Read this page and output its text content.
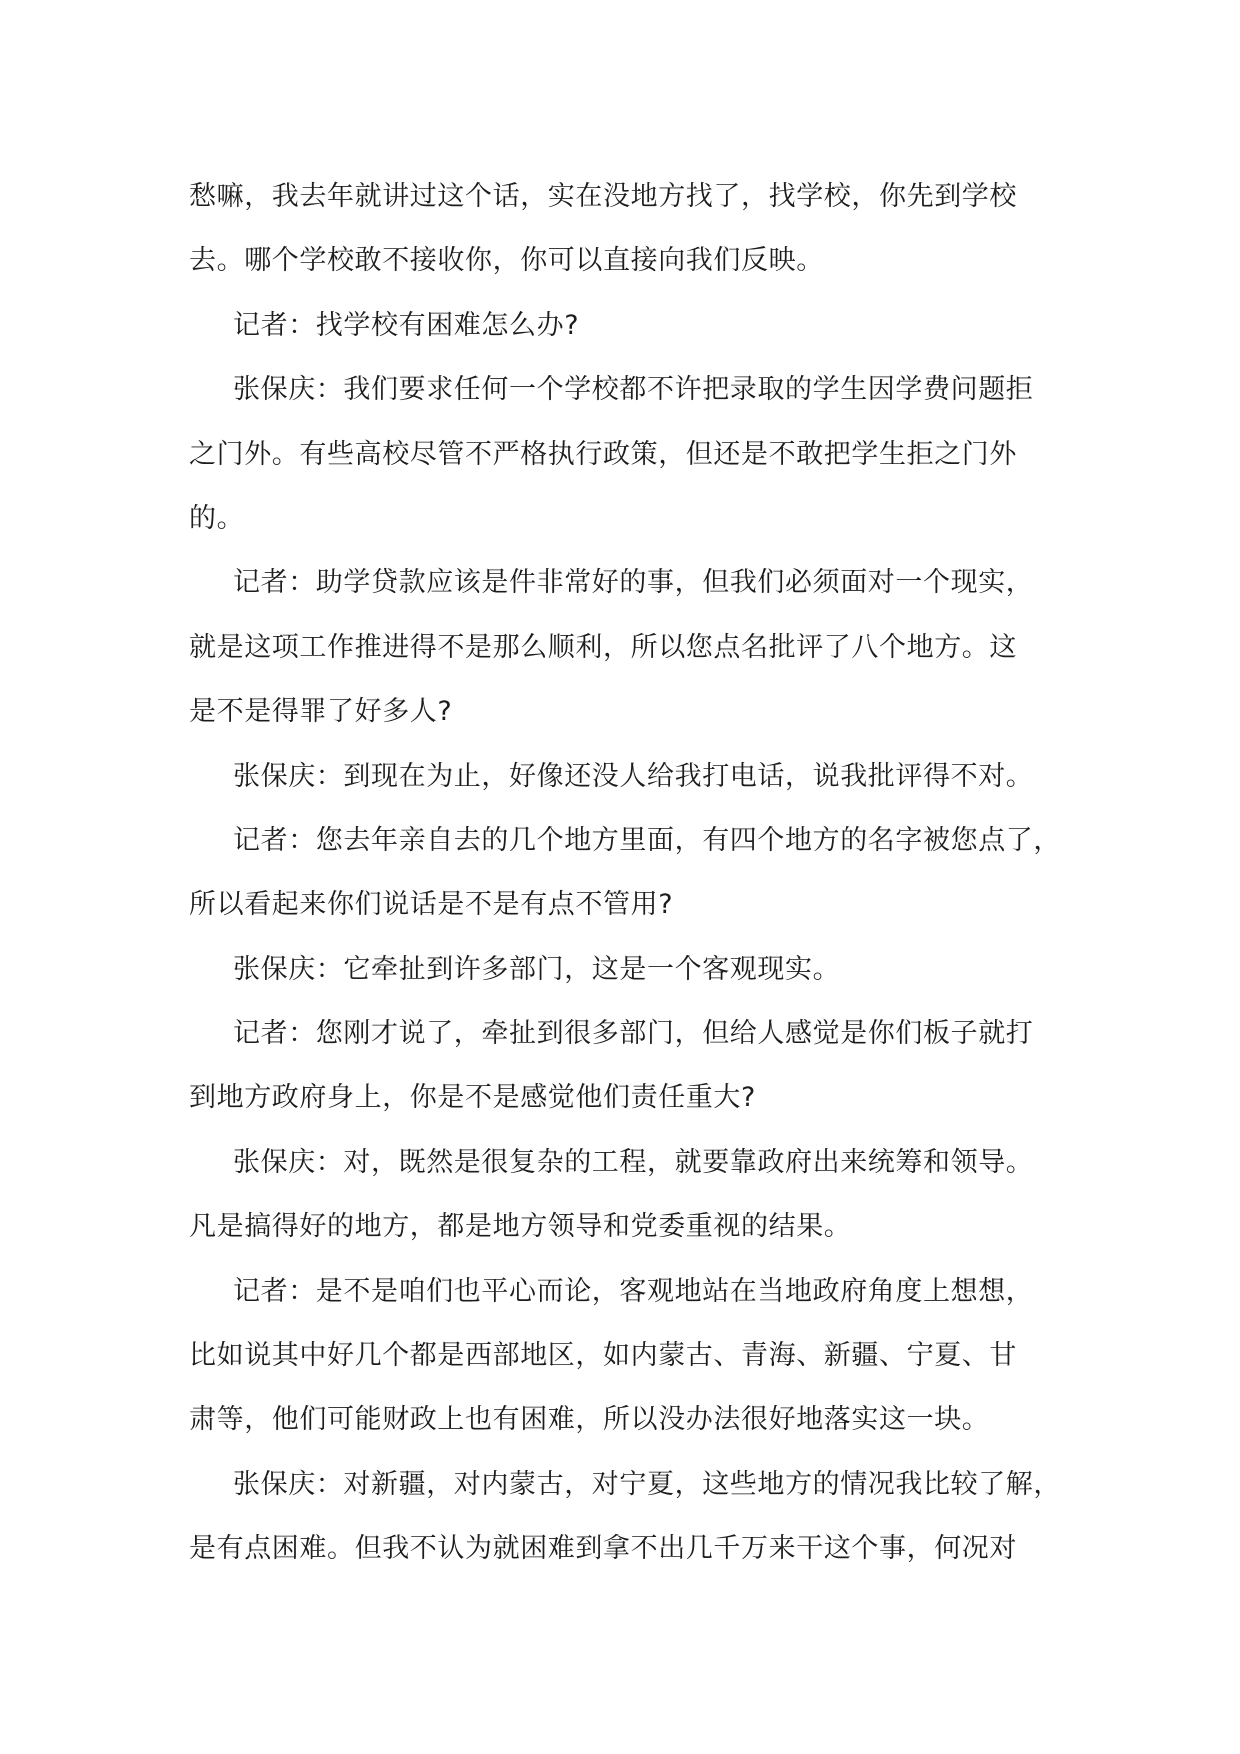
愁嘛，我去年就讲过这个话，实在没地方找了，找学校，你先到学校
去。哪个学校敢不接收你，你可以直接向我们反映。
记者：找学校有困难怎么办?
张保庆：我们要求任何一个学校都不许把录取的学生因学费问题拒
之门外。有些高校尽管不严格执行政策，但还是不敢把学生拒之门外
的。
记者：助学贷款应该是件非常好的事，但我们必须面对一个现实，
就是这项工作推进得不是那么顺利，所以您点名批评了八个地方。这
是不是得罪了好多人?
张保庆：到现在为止，好像还没人给我打电话，说我批评得不对。
记者：您去年亲自去的几个地方里面，有四个地方的名字被您点了，
所以看起来你们说话是不是有点不管用?
张保庆：它牵扯到许多部门，这是一个客观现实。
记者：您刚才说了，牵扯到很多部门，但给人感觉是你们板子就打
到地方政府身上，你是不是感觉他们责任重大?
张保庆：对，既然是很复杂的工程，就要靠政府出来统筹和领导。
凡是搞得好的地方，都是地方领导和党委重视的结果。
记者：是不是咱们也平心而论，客观地站在当地政府角度上想想，
比如说其中好几个都是西部地区，如内蒙古、青海、新疆、宁夏、甘
肃等，他们可能财政上也有困难，所以没办法很好地落实这一块。
张保庆：对新疆，对内蒙古，对宁夏，这些地方的情况我比较了解，
是有点困难。但我不认为就困难到拿不出几千万来干这个事，何况对
